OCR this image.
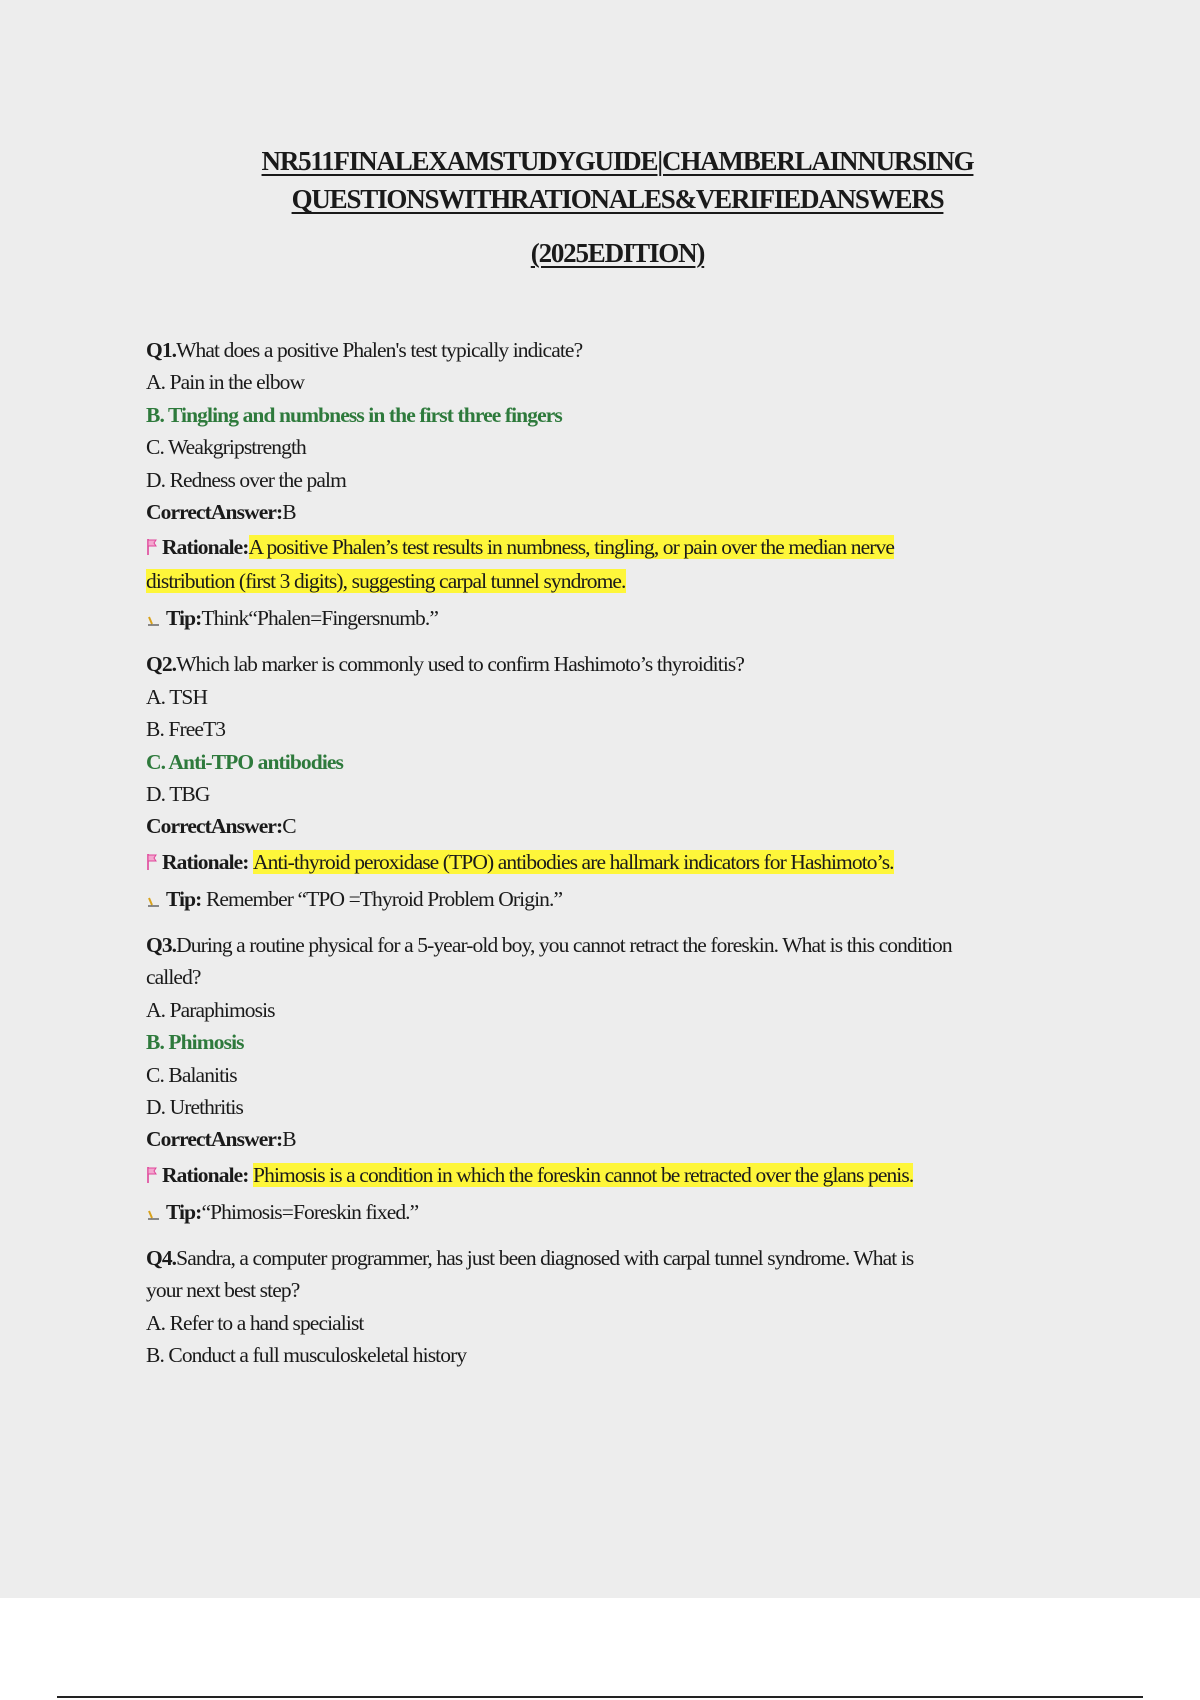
NR511FINALEXAMSTUDYGUIDE|CHAMBERLAINNURSING
QUESTIONSWITHRATIONALES&VERIFIEDANSWERS
(2025EDITION)
Q1.What does a positive Phalen's test typically indicate?
A. Pain in the elbow
B. Tingling and numbness in the first three fingers
C. Weakgripstrength
D. Redness over the palm
CorrectAnswer:B
Rationale:A positive Phalen’s test results in numbness, tingling, or pain over the median nerve
distribution (first 3 digits), suggesting carpal tunnel syndrome.
Tip:Think“Phalen=Fingersnumb.”
Q2.Which lab marker is commonly used to confirm Hashimoto’s thyroiditis?
A. TSH
B. FreeT3
C. Anti-TPO antibodies
D. TBG
CorrectAnswer:C
Rationale: Anti-thyroid peroxidase (TPO) antibodies are hallmark indicators for Hashimoto’s.
Tip: Remember “TPO =Thyroid Problem Origin.”
Q3.During a routine physical for a 5-year-old boy, you cannot retract the foreskin. What is this condition
called?
A. Paraphimosis
B. Phimosis
C. Balanitis
D. Urethritis
CorrectAnswer:B
Rationale: Phimosis is a condition in which the foreskin cannot be retracted over the glans penis.
Tip:“Phimosis=Foreskin fixed.”
Q4.Sandra, a computer programmer, has just been diagnosed with carpal tunnel syndrome. What is
your next best step?
A. Refer to a hand specialist
B. Conduct a full musculoskeletal history
